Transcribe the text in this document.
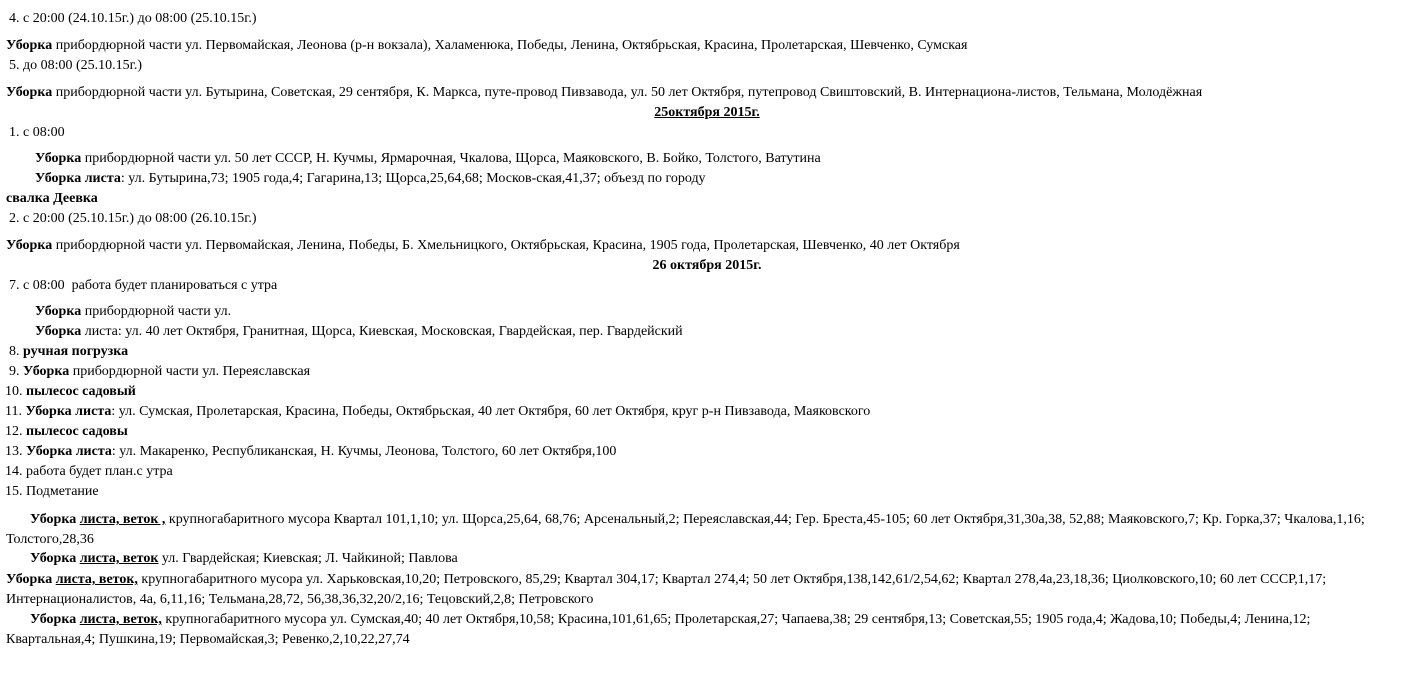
4. с 20:00 (24.10.15г.) до 08:00 (25.10.15г.)
Уборка прибордюрной части ул. Первомайская, Леонова (р-н вокзала), Халаменюка, Победы, Ленина, Октябрьская, Красина, Пролетарская, Шевченко, Сумская
5. до 08:00 (25.10.15г.)
Уборка прибордюрной части ул. Бутырина, Советская, 29 сентября, К. Маркса, путе-провод Пивзавода, ул. 50 лет Октября, путепровод Свиштовский, В. Интернациона-листов, Тельмана, Молодёжная
25октября 2015г.
1. с 08:00
Уборка прибордюрной части ул. 50 лет СССР, Н. Кучмы, Ярмарочная, Чкалова, Щорса, Маяковского, В. Бойко, Толстого, Ватутина
Уборка листа: ул. Бутырина,73; 1905 года,4; Гагарина,13; Щорса,25,64,68; Москов-ская,41,37; объезд по городу
свалка Деевка
2. с 20:00 (25.10.15г.) до 08:00 (26.10.15г.)
Уборка прибордюрной части ул. Первомайская, Ленина, Победы, Б. Хмельницкого, Октябрьская, Красина, 1905 года, Пролетарская, Шевченко, 40 лет Октября
26 октября 2015г.
7. с 08:00  работа будет планироваться с утра
Уборка прибордюрной части ул.
Уборка листа: ул. 40 лет Октября, Гранитная, Щорса, Киевская, Московская, Гвардейская, пер. Гвардейский
8. ручная погрузка
9. Уборка прибордюрной части ул. Переяславская
10. пылесос садовый
11. Уборка листа: ул. Сумская, Пролетарская, Красина, Победы, Октябрьская, 40 лет Октября, 60 лет Октября, круг р-н Пивзавода, Маяковского
12. пылесос садовы
13. Уборка листа: ул. Макаренко, Республиканская, Н. Кучмы, Леонова, Толстого, 60 лет Октября,100
14. работа будет план.с утра
15. Подметание
Уборка листа, веток , крупногабаритного мусора Квартал 101,1,10; ул. Щорса,25,64, 68,76; Арсенальный,2; Переяславская,44; Гер. Бреста,45-105; 60 лет Октября,31,30а,38, 52,88; Маяковского,7; Кр. Горка,37; Чкалова,1,16; Толстого,28,36
Уборка листа, веток ул. Гвардейская; Киевская; Л. Чайкиной; Павлова
Уборка листа, веток, крупногабаритного мусора ул. Харьковская,10,20; Петровского, 85,29; Квартал 304,17; Квартал 274,4; 50 лет Октября,138,142,61/2,54,62; Квартал 278,4а,23,18,36; Циолковского,10; 60 лет СССР,1,17;  Интернационалистов, 4а, 6,11,16; Тельмана,28,72, 56,38,36,32,20/2,16; Тецовский,2,8; Петровского
Уборка листа, веток, крупногабаритного мусора ул. Сумская,40; 40 лет Октября,10,58; Красина,101,61,65; Пролетарская,27; Чапаева,38; 29 сентября,13; Советская,55; 1905 года,4; Жадова,10; Победы,4; Ленина,12; Квартальная,4; Пушкина,19; Первомайская,3; Ревенко,2,10,22,27,74
